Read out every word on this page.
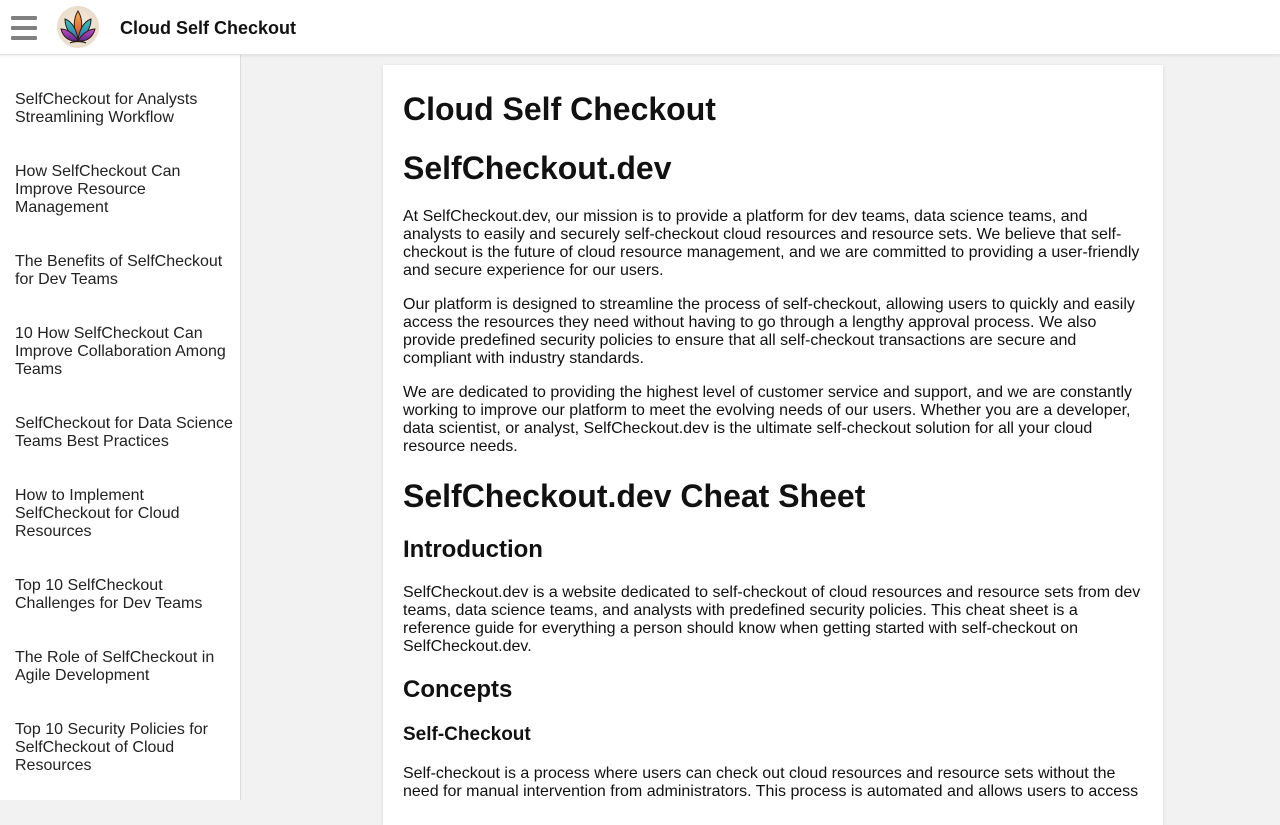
Cloud Self Checkout
SelfCheckout for Analysts Streamlining Workflow
How SelfCheckout Can Improve Resource Management
The Benefits of SelfCheckout for Dev Teams
10 How SelfCheckout Can Improve Collaboration Among Teams
SelfCheckout for Data Science Teams Best Practices
How to Implement SelfCheckout for Cloud Resources
Top 10 SelfCheckout Challenges for Dev Teams
The Role of SelfCheckout in Agile Development
Top 10 Security Policies for SelfCheckout of Cloud Resources
Cloud Self Checkout
SelfCheckout.dev

At SelfCheckout.dev, our mission is to provide a platform for dev teams, data science teams, and analysts to easily and securely self-checkout cloud resources and resource sets. We believe that self-checkout is the future of cloud resource management, and we are committed to providing a user-friendly and secure experience for our users.

Our platform is designed to streamline the process of self-checkout, allowing users to quickly and easily access the resources they need without having to go through a lengthy approval process. We also provide predefined security policies to ensure that all self-checkout transactions are secure and compliant with industry standards.

We are dedicated to providing the highest level of customer service and support, and we are constantly working to improve our platform to meet the evolving needs of our users. Whether you are a developer, data scientist, or analyst, SelfCheckout.dev is the ultimate self-checkout solution for all your cloud resource needs.

SelfCheckout.dev Cheat Sheet
Introduction

SelfCheckout.dev is a website dedicated to self-checkout of cloud resources and resource sets from dev teams, data science teams, and analysts with predefined security policies. This cheat sheet is a reference guide for everything a person should know when getting started with self-checkout on SelfCheckout.dev.

Concepts
Self-Checkout

Self-checkout is a process where users can check out cloud resources and resource sets without the need for manual intervention from administrators. This process is automated and allows users to access
